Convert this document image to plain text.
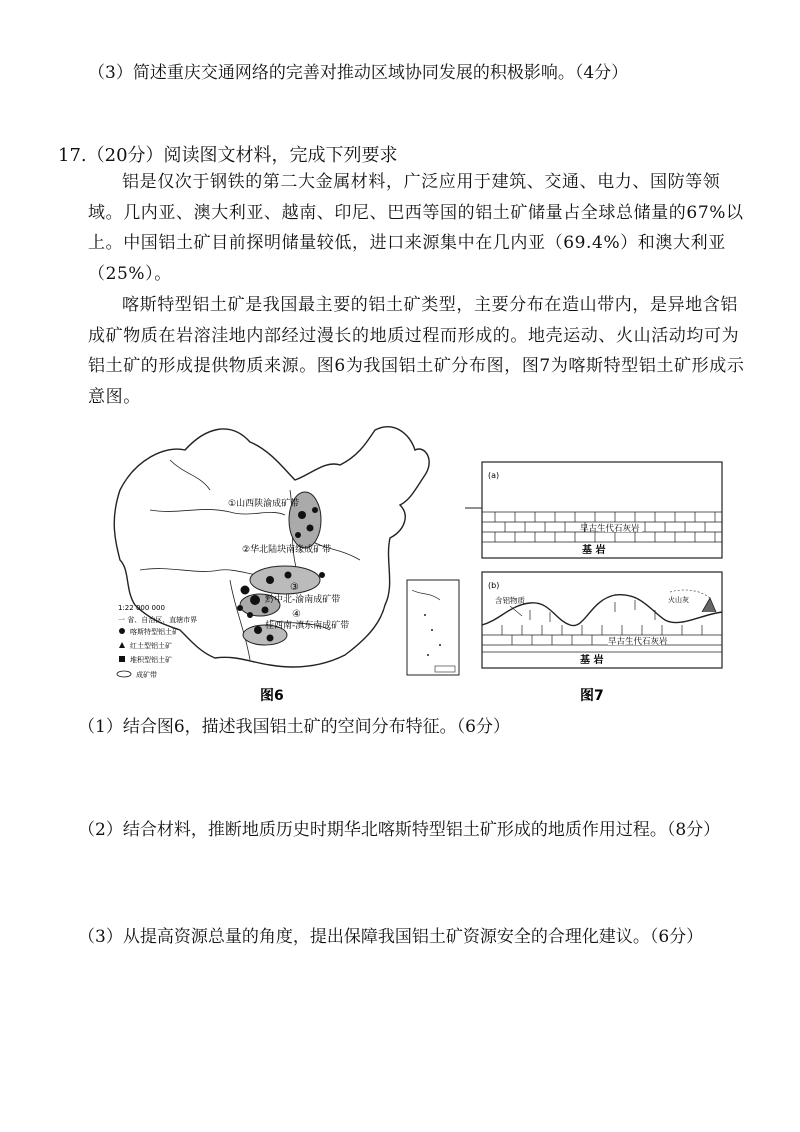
（3）简述重庆交通网络的完善对推动区域协同发展的积极影响。（4分）
17.（20分）阅读图文材料，完成下列要求
铝是仅次于钢铁的第二大金属材料，广泛应用于建筑、交通、电力、国防等领域。几内亚、澳大利亚、越南、印尼、巴西等国的铝土矿储量占全球总储量的67%以上。中国铝土矿目前探明储量较低，进口来源集中在几内亚（69.4%）和澳大利亚（25%）。
喀斯特型铝土矿是我国最主要的铝土矿类型，主要分布在造山带内，是异地含铝成矿物质在岩溶洼地内部经过漫长的地质过程而形成的。地壳运动、火山活动均可为铝土矿的形成提供物质来源。图6为我国铝土矿分布图，图7为喀斯特型铝土矿形成示意图。
①山西陕渝成矿带
②华北陆块南缘成矿带
③
黔中北-渝南成矿带
④
桂西南-滇东南成矿带
1:22 000 000
一 省、自治区、直辖市界
喀斯特型铝土矿
红土型铝土矿
堆积型铝土矿
成矿带
图6
(a)
早古生代石灰岩
基 岩
(b)
含铝物质	火山灰
早古生代石灰岩
基 岩
图7
（1）结合图6，描述我国铝土矿的空间分布特征。（6分）
（2）结合材料，推断地质历史时期华北喀斯特型铝土矿形成的地质作用过程。（8分）
（3）从提高资源总量的角度，提出保障我国铝土矿资源安全的合理化建议。（6分）
